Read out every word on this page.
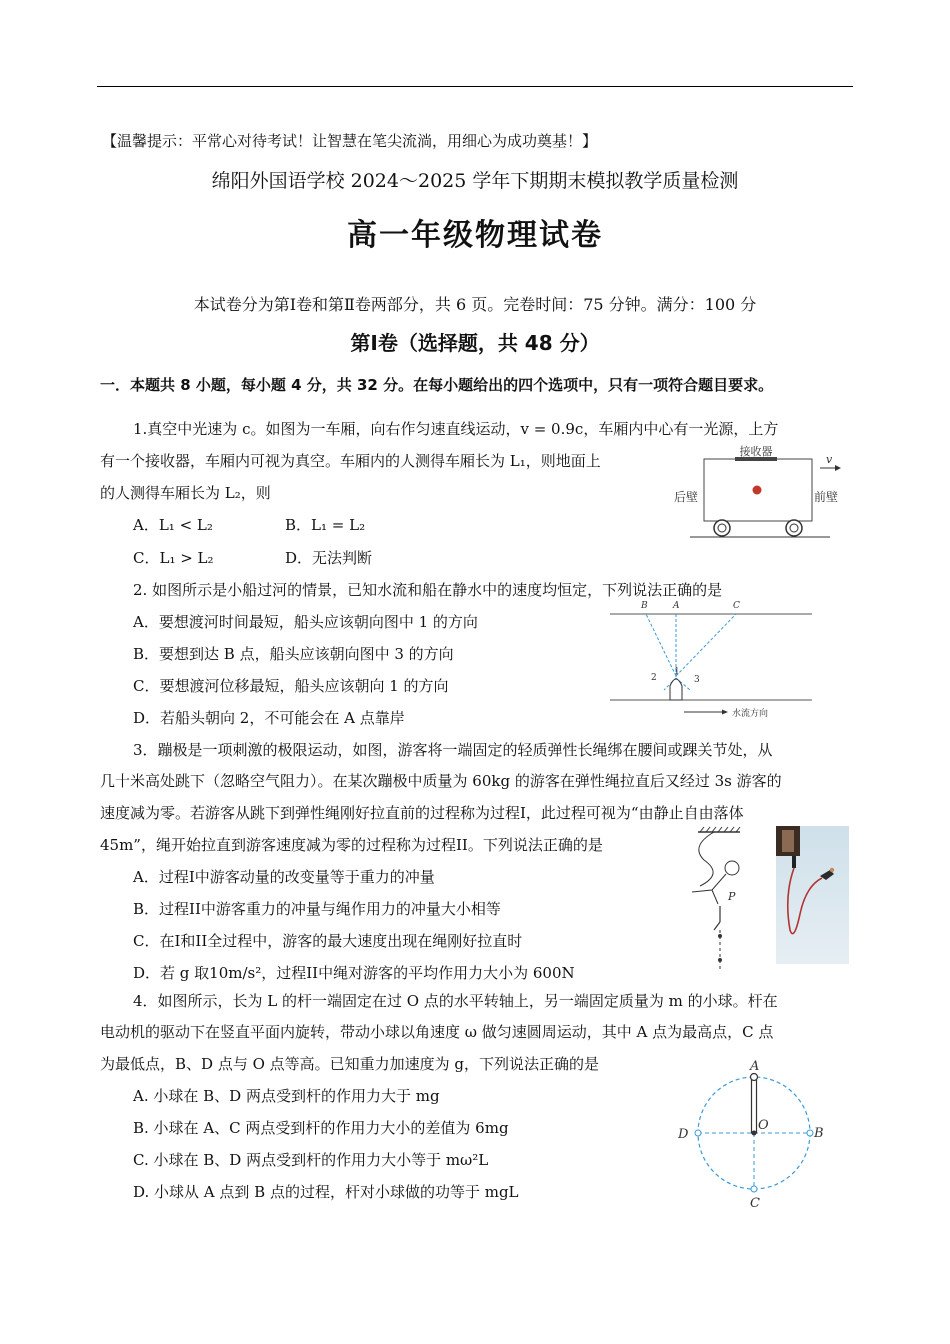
【温馨提示：平常心对待考试！让智慧在笔尖流淌，用细心为成功奠基！】
绵阳外国语学校 2024～2025 学年下期期末模拟教学质量检测
高一年级物理试卷
本试卷分为第Ⅰ卷和第Ⅱ卷两部分，共 6 页。完卷时间：75 分钟。满分：100 分
第Ⅰ卷（选择题，共 48 分）
一．本题共 8 小题，每小题 4 分，共 32 分。在每小题给出的四个选项中，只有一项符合题目要求。
1.真空中光速为 c。如图为一车厢，向右作匀速直线运动，v = 0.9c，车厢内中心有一光源，上方
有一个接收器，车厢内可视为真空。车厢内的人测得车厢长为 L₁，则地面上
的人测得车厢长为 L₂，则
A．L₁ < L₂	B．L₁ = L₂
C．L₁ > L₂	D．无法判断
接收器
v
后壁	前壁
2. 如图所示是小船过河的情景，已知水流和船在静水中的速度均恒定，下列说法正确的是
A．要想渡河时间最短，船头应该朝向图中 1 的方向
B．要想到达 B 点，船头应该朝向图中 3 的方向
C．要想渡河位移最短，船头应该朝向 1 的方向
D．若船头朝向 2，不可能会在 A 点靠岸
B	A	C
1
2	3
水流方向
3．蹦极是一项刺激的极限运动，如图，游客将一端固定的轻质弹性长绳绑在腰间或踝关节处，从
几十米高处跳下（忽略空气阻力）。在某次蹦极中质量为 60kg 的游客在弹性绳拉直后又经过 3s 游客的
速度减为零。若游客从跳下到弹性绳刚好拉直前的过程称为过程I，此过程可视为“由静止自由落体
45m”，绳开始拉直到游客速度减为零的过程称为过程II。下列说法正确的是
A．过程I中游客动量的改变量等于重力的冲量
B．过程II中游客重力的冲量与绳作用力的冲量大小相等
C．在I和II全过程中，游客的最大速度出现在绳刚好拉直时
D．若 g 取10m/s²，过程II中绳对游客的平均作用力大小为 600N
P
4．如图所示，长为 L 的杆一端固定在过 O 点的水平转轴上，另一端固定质量为 m 的小球。杆在
电动机的驱动下在竖直平面内旋转，带动小球以角速度 ω 做匀速圆周运动，其中 A 点为最高点，C 点
为最低点，B、D 点与 O 点等高。已知重力加速度为 g，下列说法正确的是
A. 小球在 B、D 两点受到杆的作用力大于 mg
B. 小球在 A、C 两点受到杆的作用力大小的差值为 6mg
C. 小球在 B、D 两点受到杆的作用力大小等于 mω²L
D. 小球从 A 点到 B 点的过程，杆对小球做的功等于 mgL
A
O
B
D
C
